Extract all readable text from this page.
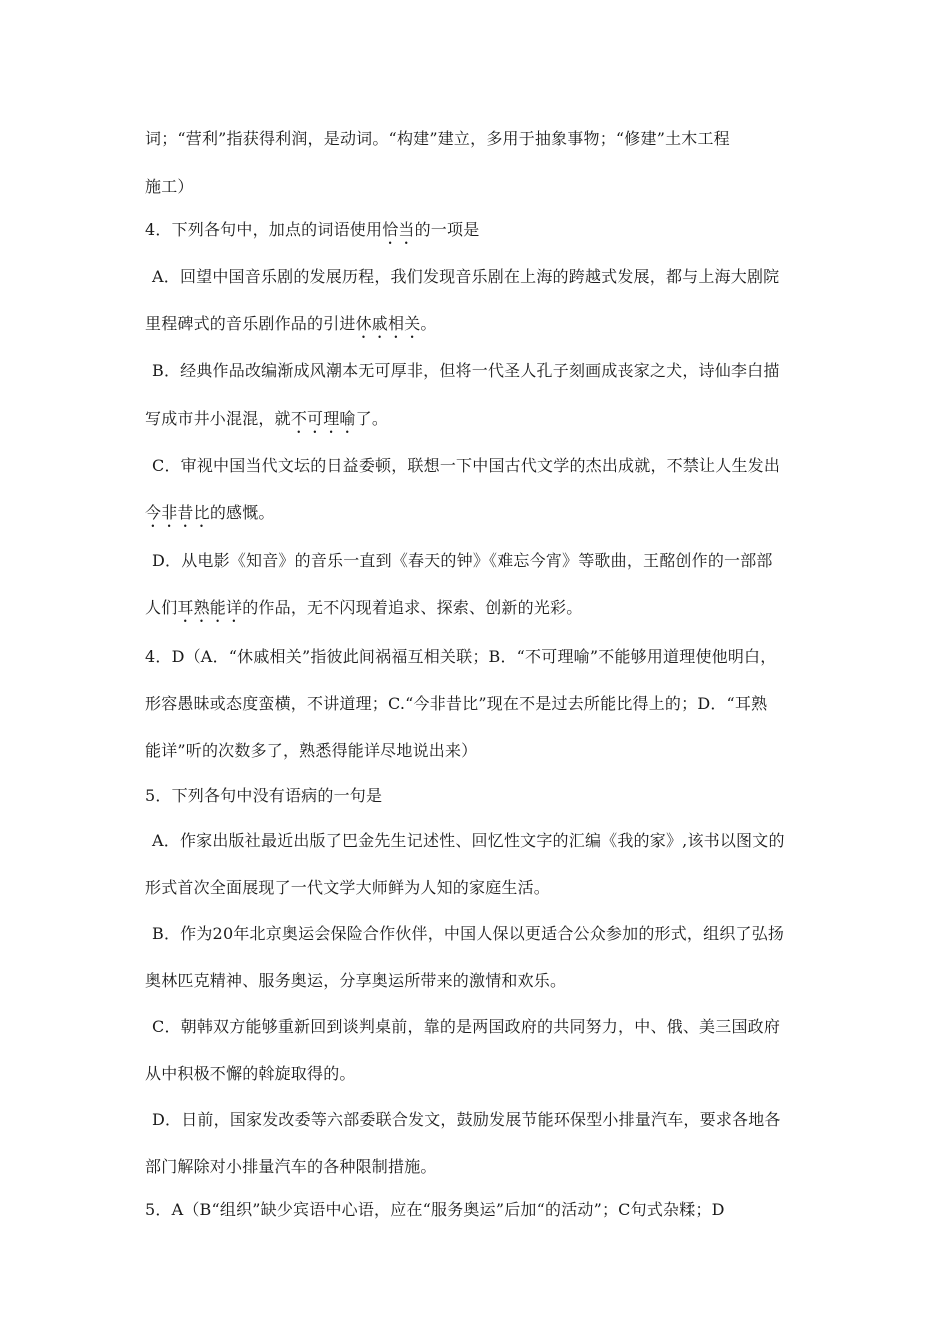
词；“营利”指获得利润，是动词。“构建”建立，多用于抽象事物；“修建”土木工程
施工）
4．下列各句中，加点的词语使用恰当的一项是
A．回望中国音乐剧的发展历程，我们发现音乐剧在上海的跨越式发展，都与上海大剧院
里程碑式的音乐剧作品的引进休戚相关。
B．经典作品改编渐成风潮本无可厚非，但将一代圣人孔子刻画成丧家之犬，诗仙李白描
写成市井小混混，就不可理喻了。
C．审视中国当代文坛的日益委顿，联想一下中国古代文学的杰出成就，不禁让人生发出
今非昔比的感慨。
D．从电影《知音》的音乐一直到《春天的钟》《难忘今宵》等歌曲，王酩创作的一部部
人们耳熟能详的作品，无不闪现着追求、探索、创新的光彩。
4．D（A．“休戚相关”指彼此间祸福互相关联；B．“不可理喻”不能够用道理使他明白，
形容愚昧或态度蛮横，不讲道理；C.“今非昔比”现在不是过去所能比得上的；D．“耳熟
能详”听的次数多了，熟悉得能详尽地说出来）
5．下列各句中没有语病的一句是
A．作家出版社最近出版了巴金先生记述性、回忆性文字的汇编《我的家》,该书以图文的
形式首次全面展现了一代文学大师鲜为人知的家庭生活。
B．作为20年北京奥运会保险合作伙伴，中国人保以更适合公众参加的形式，组织了弘扬
奥林匹克精神、服务奥运，分享奥运所带来的激情和欢乐。
C．朝韩双方能够重新回到谈判桌前，靠的是两国政府的共同努力，中、俄、美三国政府
从中积极不懈的斡旋取得的。
D．日前，国家发改委等六部委联合发文，鼓励发展节能环保型小排量汽车，要求各地各
部门解除对小排量汽车的各种限制措施。
5．A（B“组织”缺少宾语中心语，应在“服务奥运”后加“的活动”；C句式杂糅；D
